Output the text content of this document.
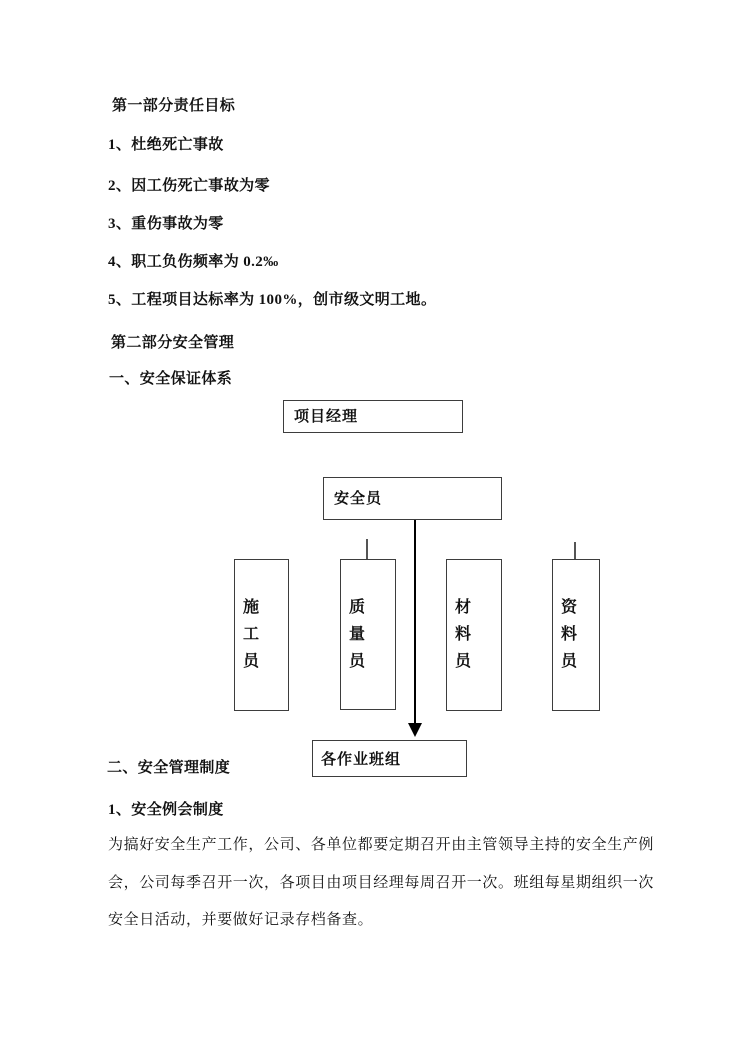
第一部分责任目标
1、杜绝死亡事故
2、因工伤死亡事故为零
3、重伤事故为零
4、职工负伤频率为 0.2‰
5、工程项目达标率为 100%，创市级文明工地。
第二部分安全管理
一、安全保证体系
项目经理
安全员
施工员
质量员
材料员
资料员
各作业班组
二、安全管理制度
1、安全例会制度
为搞好安全生产工作，公司、各单位都要定期召开由主管领导主持的安全生产例
会，公司每季召开一次，各项目由项目经理每周召开一次。班组每星期组织一次
安全日活动，并要做好记录存档备查。
